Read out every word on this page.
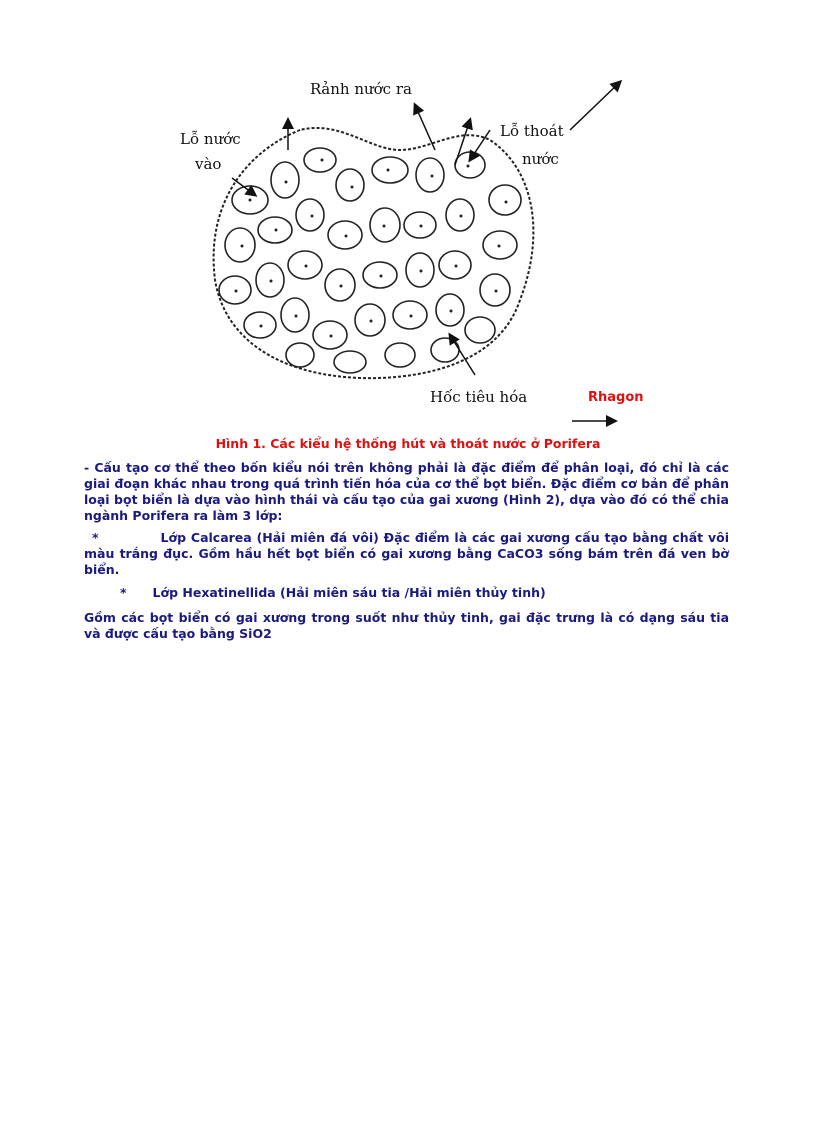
Rảnh nước ra
Lỗ nước
vào
Lỗ thoát
nước
Hốc tiêu hóa	Rhagon
Hình 1. Các kiểu hệ thống hút và thoát nước ở Porifera
- Cấu tạo cơ thể theo bốn kiểu nói trên không phải là đặc điểm để phân loại, đó chỉ là các giai đoạn khác nhau trong quá trình tiến hóa của cơ thể bọt biển. Đặc điểm cơ bản để phân loại bọt biển là dựa vào hình thái và cấu tạo của gai xương (Hình 2), dựa vào đó có thể chia ngành Porifera ra làm 3 lớp:
*	Lớp Calcarea (Hải miên đá vôi) Đặc điểm là các gai xương cấu tạo bằng chất vôi màu trắng đục. Gồm hầu hết bọt biển có gai xương bằng CaCO3 sống bám trên đá ven bờ biển.
* Lớp Hexatinellida (Hải miên sáu tia /Hải miên thủy tinh)
Gồm các bọt biển có gai xương trong suốt như thủy tinh, gai đặc trưng là có dạng sáu tia và được cấu tạo bằng SiO2
